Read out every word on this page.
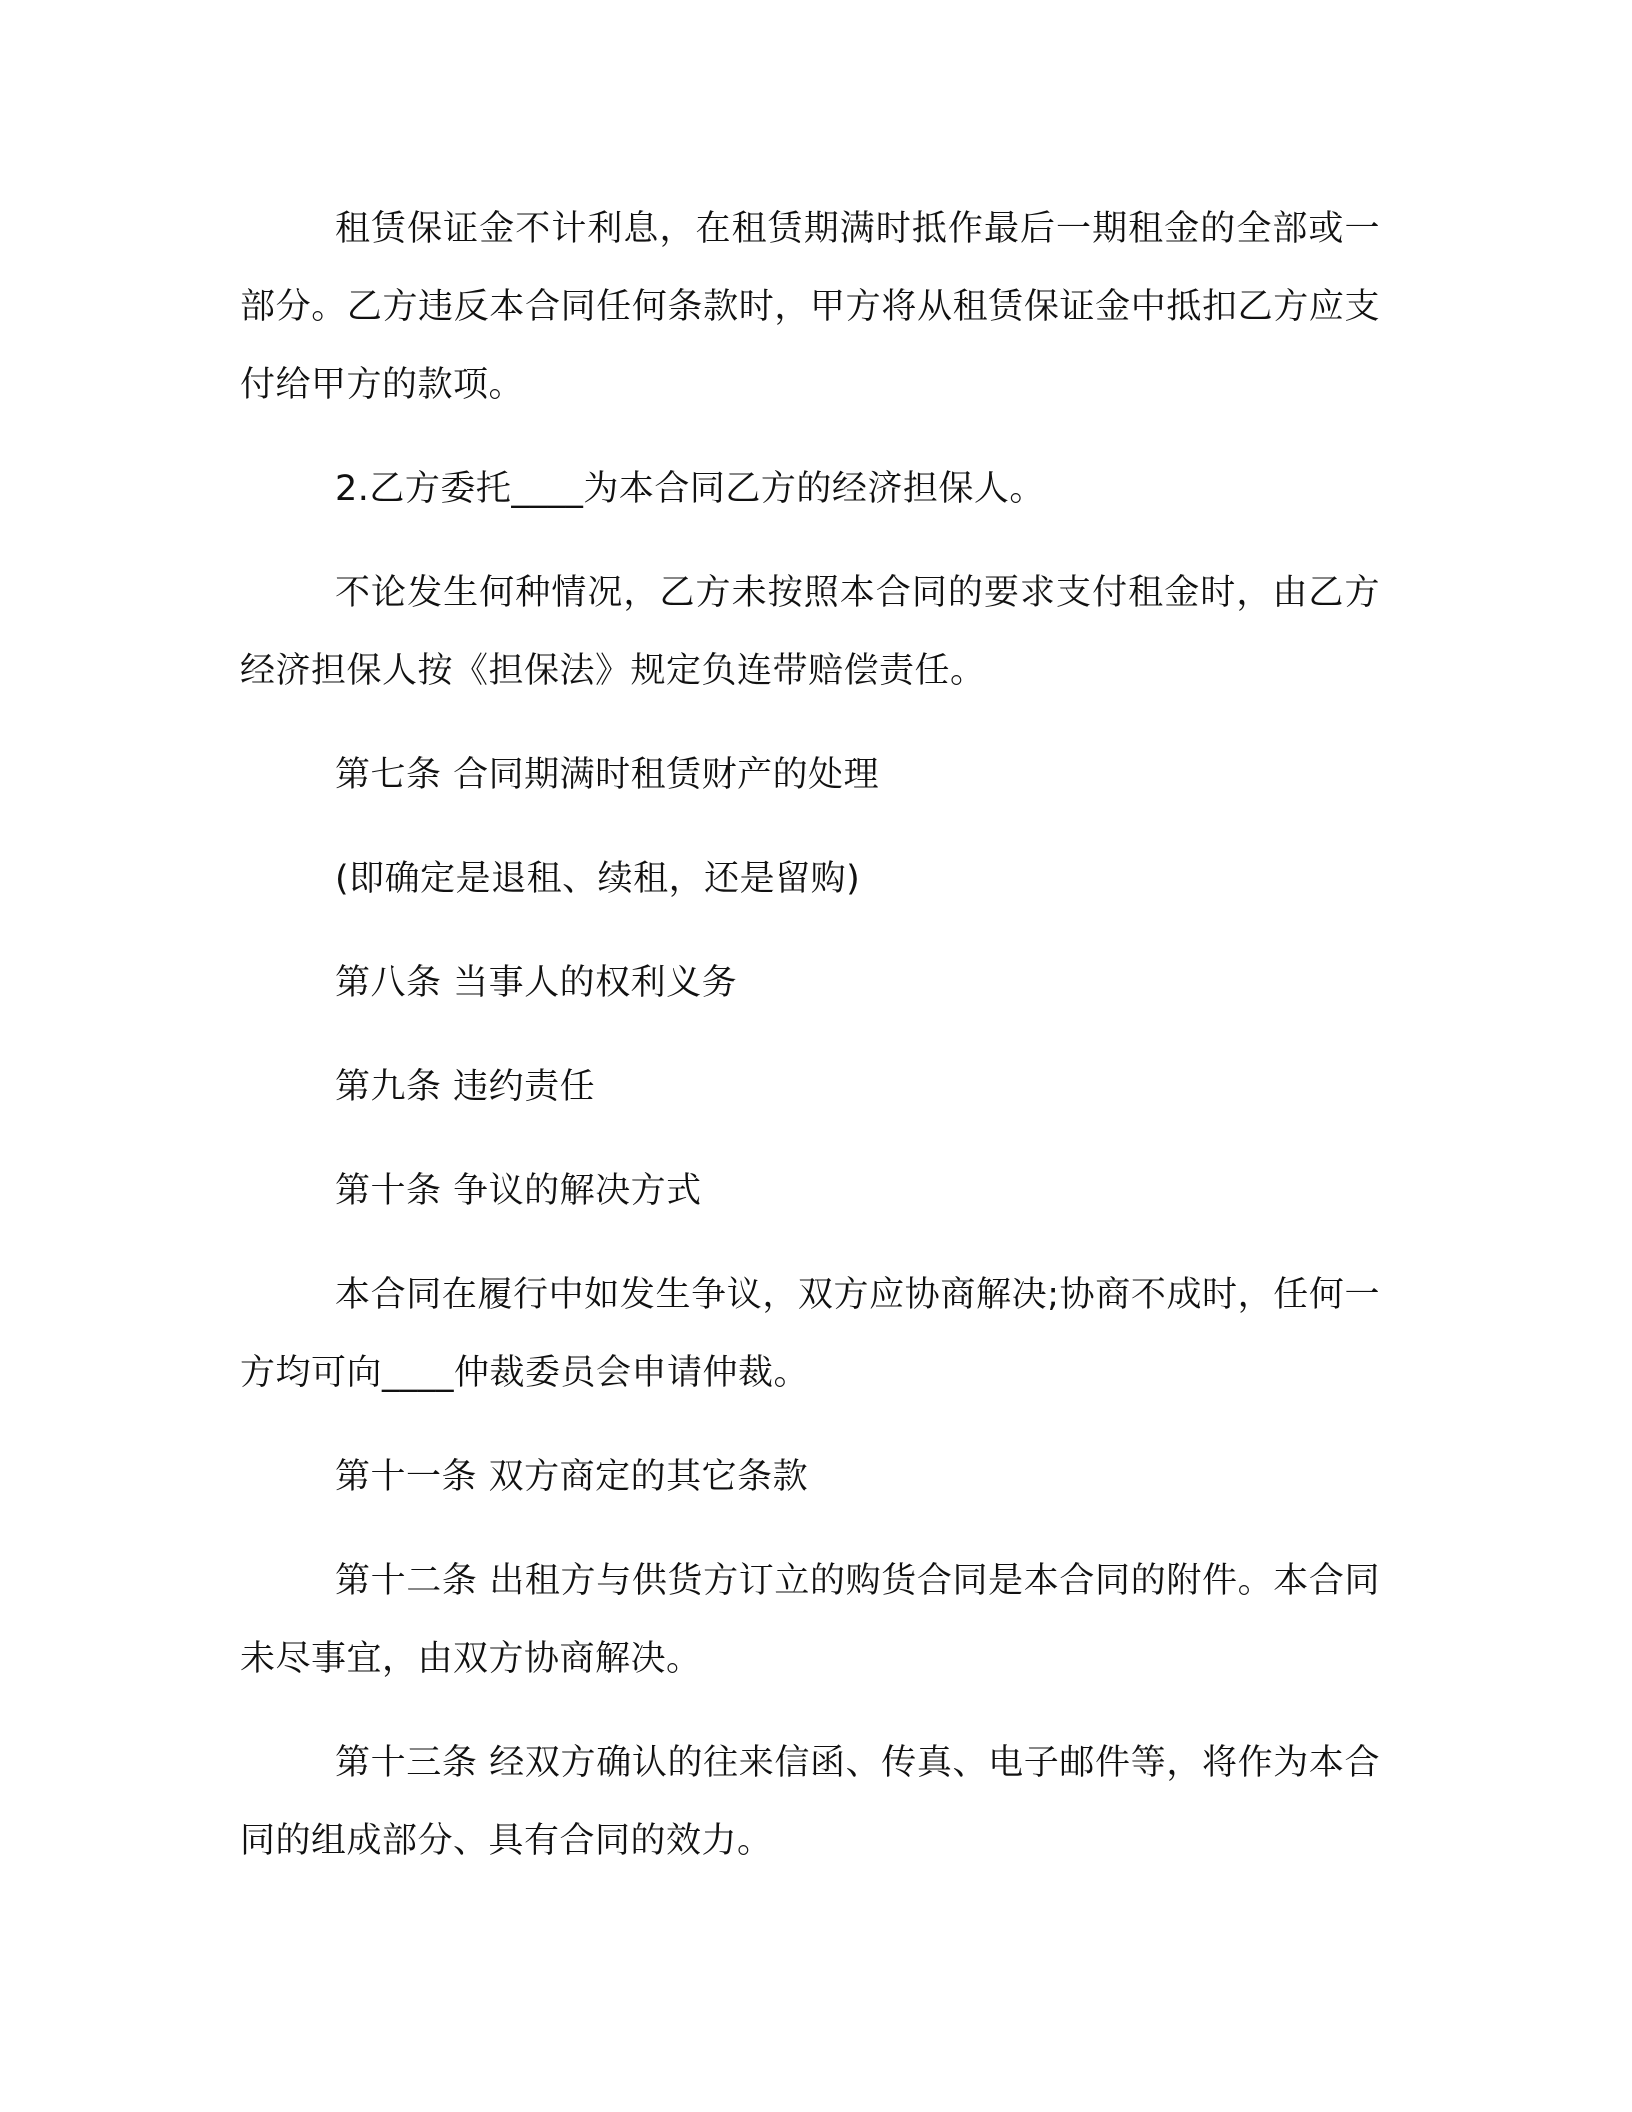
租赁保证金不计利息，在租赁期满时抵作最后一期租金的全部或一部分。乙方违反本合同任何条款时，甲方将从租赁保证金中抵扣乙方应支付给甲方的款项。

2.乙方委托____为本合同乙方的经济担保人。

不论发生何种情况，乙方未按照本合同的要求支付租金时，由乙方经济担保人按《担保法》规定负连带赔偿责任。

第七条 合同期满时租赁财产的处理

(即确定是退租、续租，还是留购)

第八条 当事人的权利义务

第九条 违约责任

第十条 争议的解决方式

本合同在履行中如发生争议，双方应协商解决;协商不成时，任何一方均可向____仲裁委员会申请仲裁。

第十一条 双方商定的其它条款

第十二条 出租方与供货方订立的购货合同是本合同的附件。本合同未尽事宜，由双方协商解决。

第十三条 经双方确认的往来信函、传真、电子邮件等，将作为本合同的组成部分、具有合同的效力。
